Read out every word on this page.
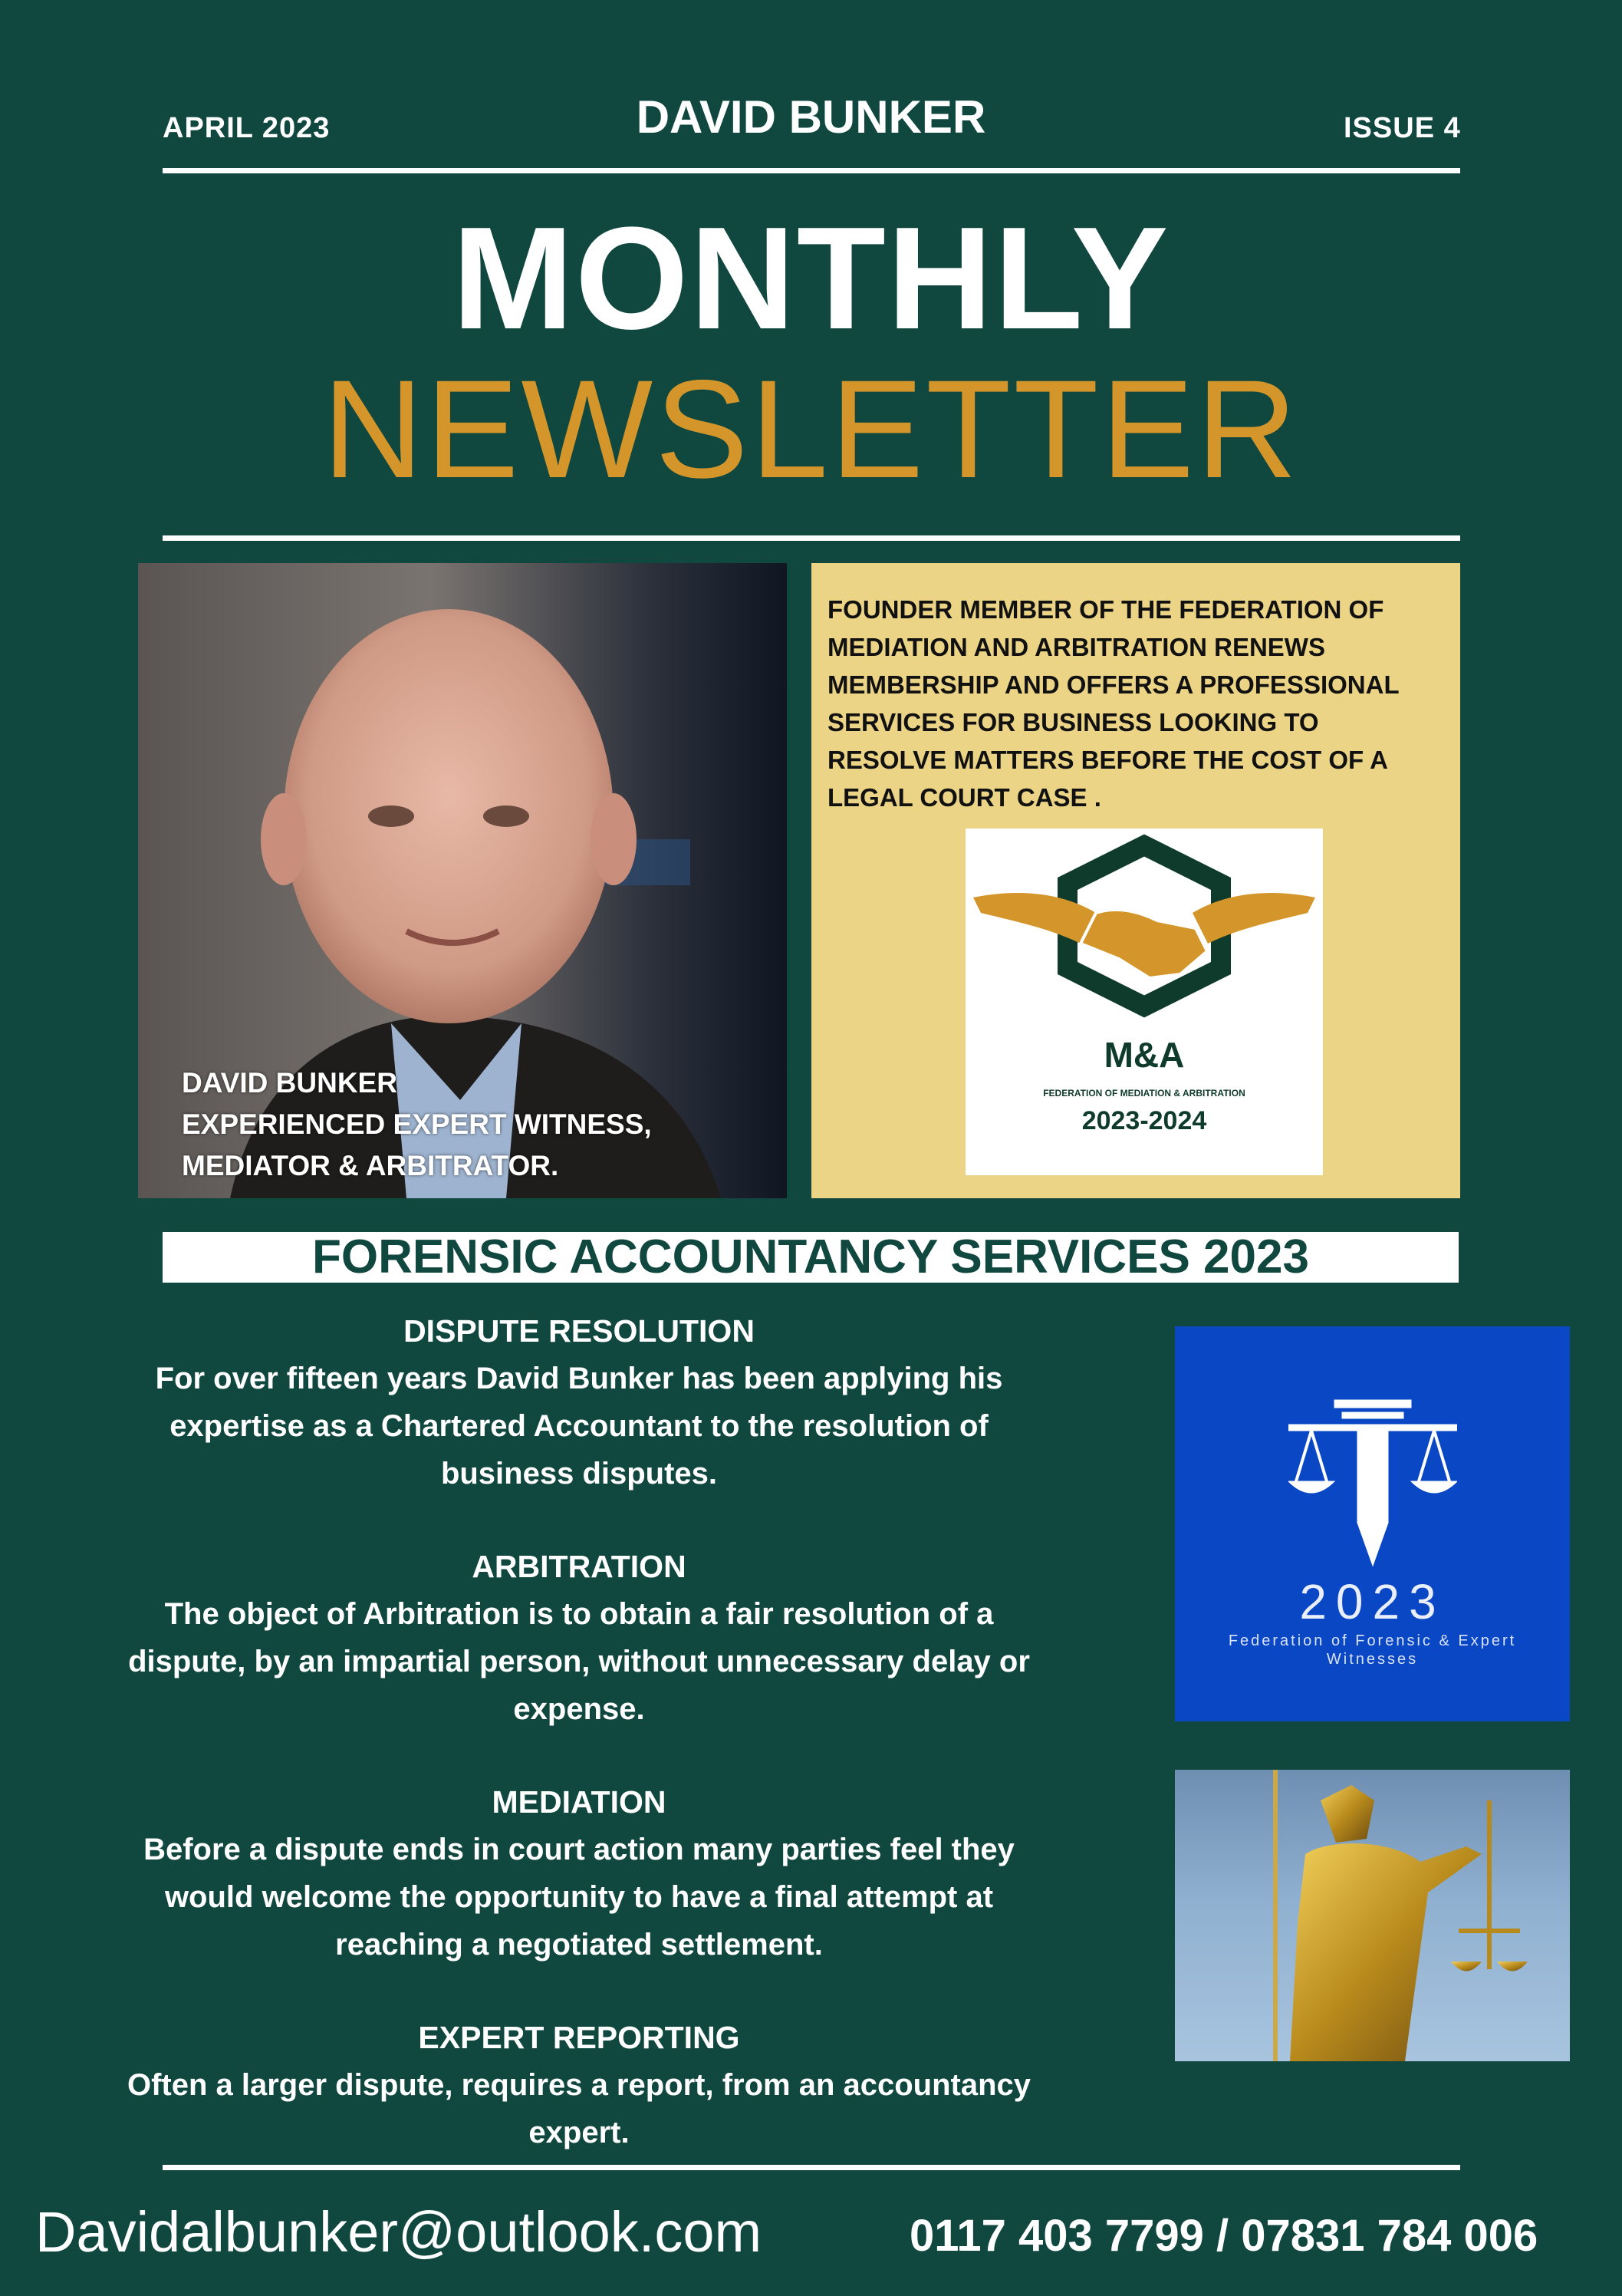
APRIL 2023	DAVID BUNKER	ISSUE 4
MONTHLY
NEWSLETTER
DAVID BUNKER
EXPERIENCED EXPERT WITNESS,
MEDIATOR & ARBITRATOR.
FOUNDER MEMBER OF THE FEDERATION OF
MEDIATION AND ARBITRATION RENEWS
MEMBERSHIP AND OFFERS A PROFESSIONAL
SERVICES FOR BUSINESS LOOKING TO
RESOLVE MATTERS BEFORE THE COST OF A
LEGAL COURT CASE .
M&A
FEDERATION OF MEDIATION & ARBITRATION
2023-2024
FORENSIC ACCOUNTANCY SERVICES 2023
DISPUTE RESOLUTION
For over fifteen years David Bunker has been applying his
expertise as a Chartered Accountant to the resolution of
business disputes.
ARBITRATION
The object of Arbitration is to obtain a fair resolution of a
dispute, by an impartial person, without unnecessary delay or
expense.
MEDIATION
Before a dispute ends in court action many parties feel they
would welcome the opportunity to have a final attempt at
reaching a negotiated settlement.
EXPERT REPORTING
Often a larger dispute, requires a report, from an accountancy
expert.
2023
Federation of Forensic & Expert
Witnesses
Davidalbunker@outlook.com	0117 403 7799 / 07831 784 006
